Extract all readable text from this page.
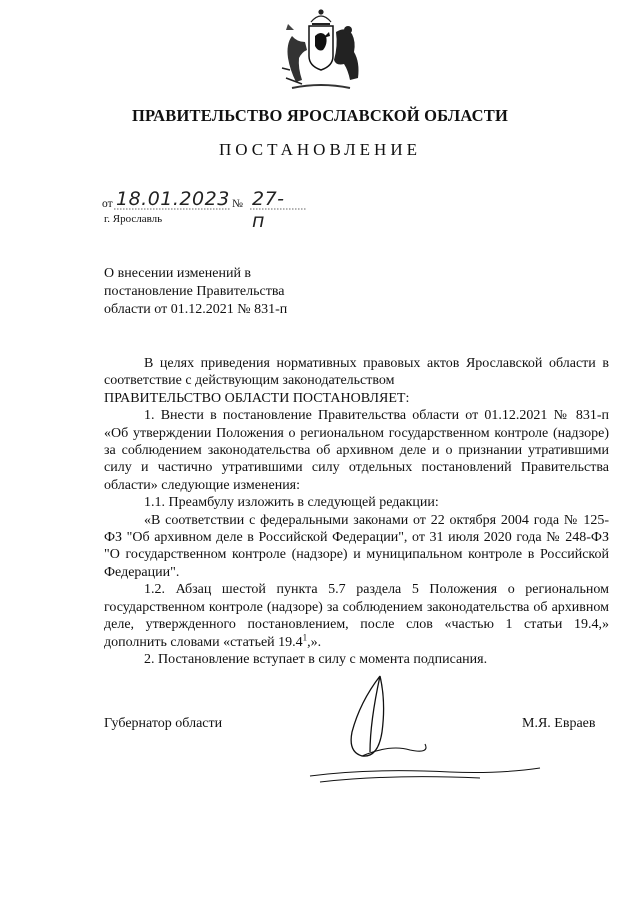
ПРАВИТЕЛЬСТВО ЯРОСЛАВСКОЙ ОБЛАСТИ
ПОСТАНОВЛЕНИЕ
от 18.01.2023 № 27-п
г. Ярославль
О внесении изменений в
постановление Правительства
области от 01.12.2021 № 831-п

В целях приведения нормативных правовых актов Ярославской области в соответствие с действующим законодательством

ПРАВИТЕЛЬСТВО ОБЛАСТИ ПОСТАНОВЛЯЕТ:

1. Внести в постановление Правительства области от 01.12.2021 № 831-п «Об утверждении Положения о региональном государственном контроле (надзоре) за соблюдением законодательства об архивном деле и о признании утратившими силу и частично утратившими силу отдельных постановлений Правительства области» следующие изменения:

1.1. Преамбулу изложить в следующей редакции:

«В соответствии с федеральными законами от 22 октября 2004 года № 125-ФЗ "Об архивном деле в Российской Федерации", от 31 июля 2020 года № 248-ФЗ "О государственном контроле (надзоре) и муниципальном контроле в Российской Федерации".

1.2. Абзац шестой пункта 5.7 раздела 5 Положения о региональном государственном контроле (надзоре) за соблюдением законодательства об архивном деле, утвержденного постановлением, после слов «частью 1 статьи 19.4,» дополнить словами «статьей 19.4$^1$,».

2. Постановление вступает в силу с момента подписания.

Губернатор области	М.Я. Евраев
